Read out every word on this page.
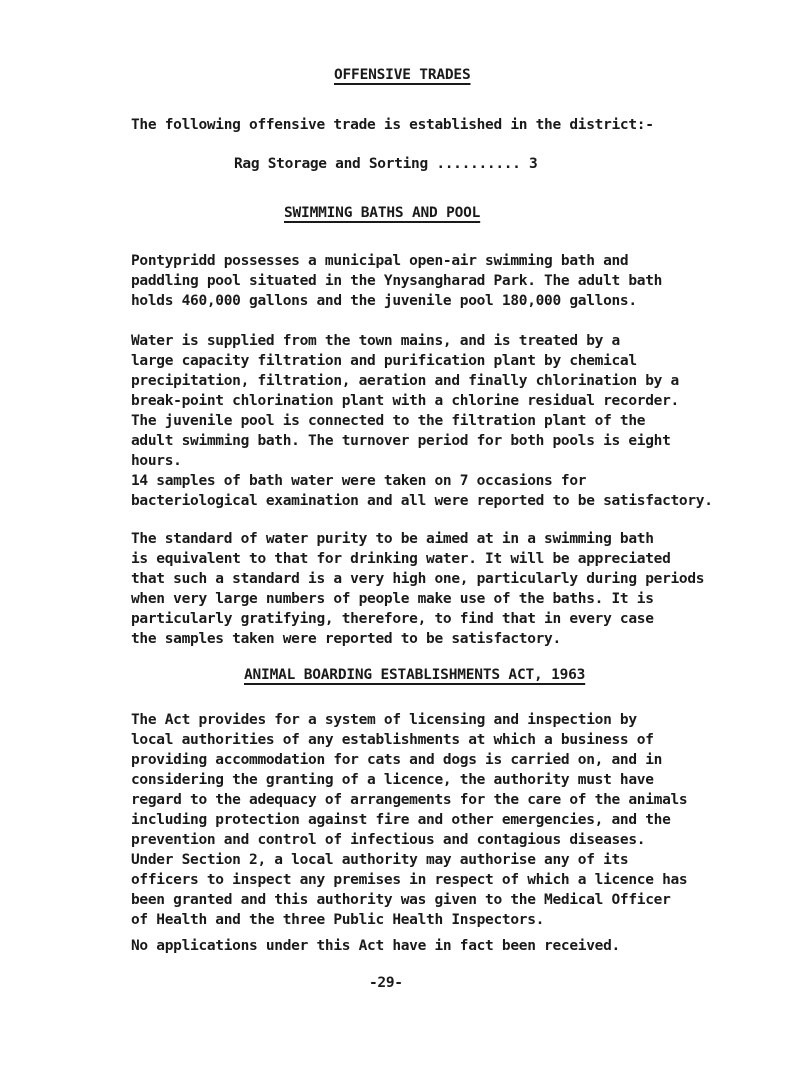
OFFENSIVE TRADES

The following offensive trade is established in the district:-

Rag Storage and Sorting .......... 3

SWIMMING BATHS AND POOL

Pontypridd possesses a municipal open-air swimming bath and
paddling pool situated in the Ynysangharad Park. The adult bath
holds 460,000 gallons and the juvenile pool 180,000 gallons.

Water is supplied from the town mains, and is treated by a
large capacity filtration and purification plant by chemical
precipitation, filtration, aeration and finally chlorination by a
break-point chlorination plant with a chlorine residual recorder.
The juvenile pool is connected to the filtration plant of the
adult swimming bath. The turnover period for both pools is eight
hours.

14 samples of bath water were taken on 7 occasions for
bacteriological examination and all were reported to be satisfactory.

The standard of water purity to be aimed at in a swimming bath
is equivalent to that for drinking water. It will be appreciated
that such a standard is a very high one, particularly during periods
when very large numbers of people make use of the baths. It is
particularly gratifying, therefore, to find that in every case
the samples taken were reported to be satisfactory.

ANIMAL BOARDING ESTABLISHMENTS ACT, 1963

The Act provides for a system of licensing and inspection by
local authorities of any establishments at which a business of
providing accommodation for cats and dogs is carried on, and in
considering the granting of a licence, the authority must have
regard to the adequacy of arrangements for the care of the animals
including protection against fire and other emergencies, and the
prevention and control of infectious and contagious diseases.

Under Section 2, a local authority may authorise any of its
officers to inspect any premises in respect of which a licence has
been granted and this authority was given to the Medical Officer
of Health and the three Public Health Inspectors.

No applications under this Act have in fact been received.

-29-
